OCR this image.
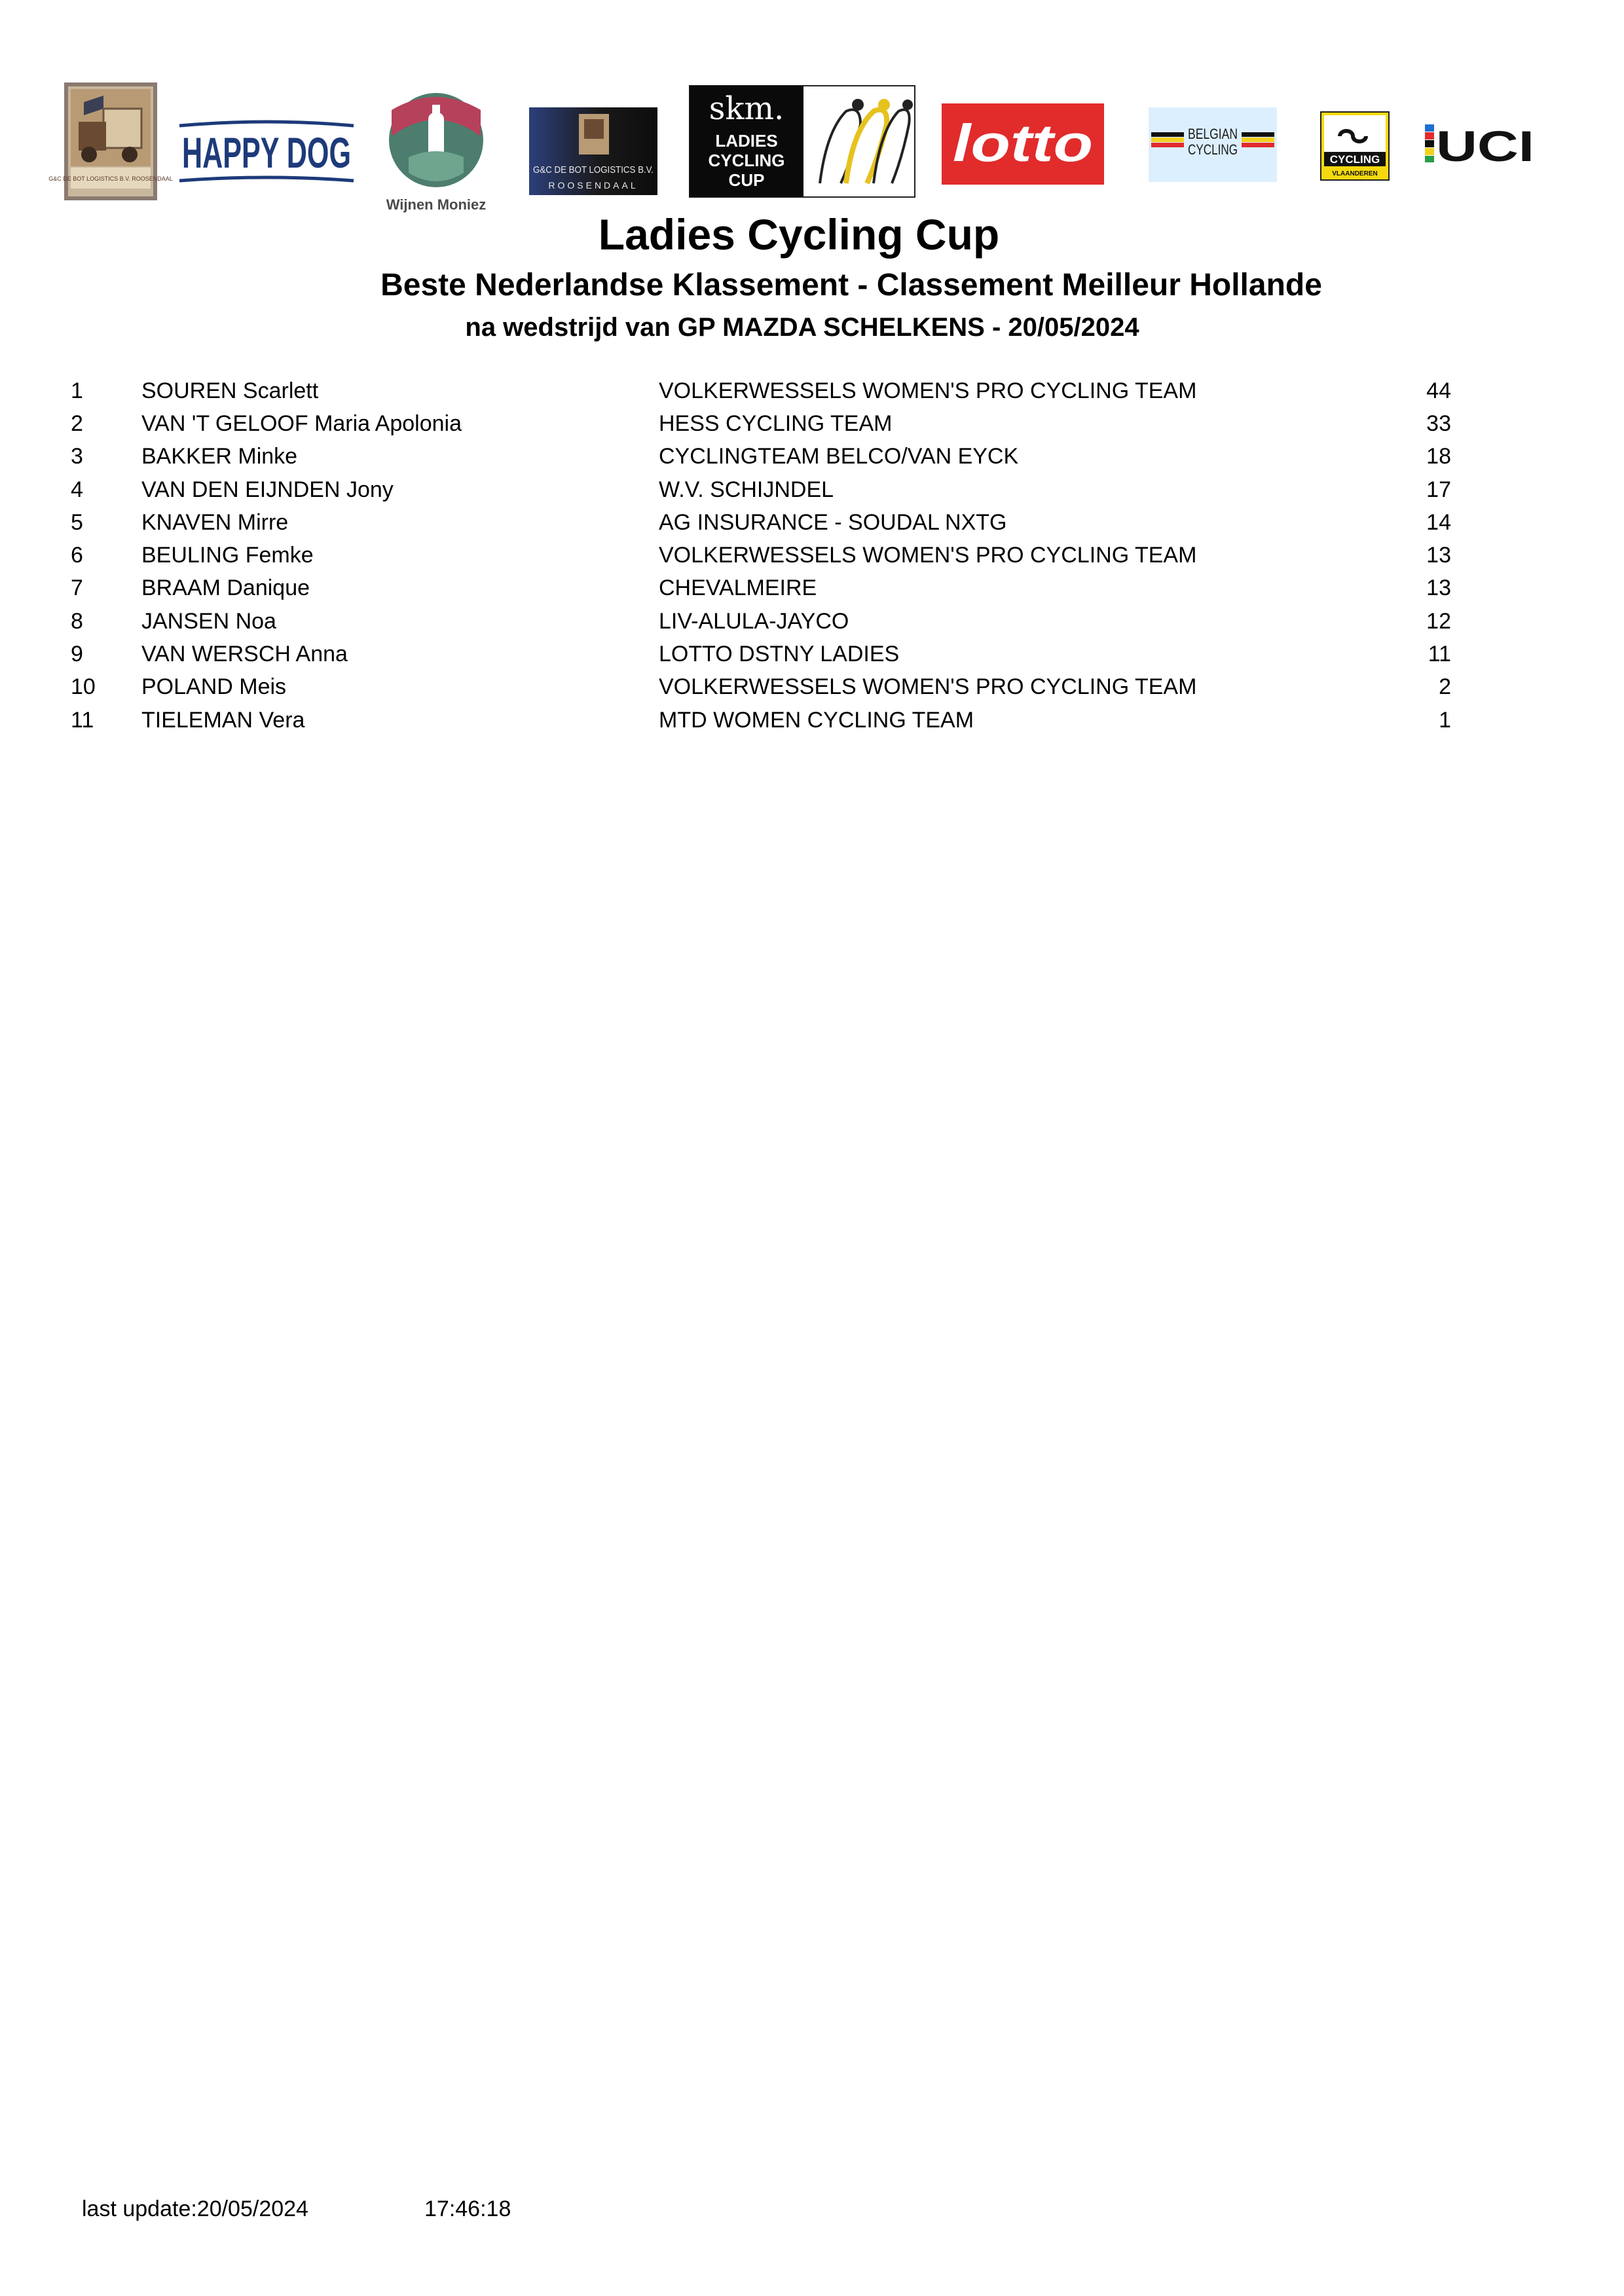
G&C DE BOT LOGISTICS B.V. ROOSENDAAL
HAPPY DOG
Wijnen Moniez
G&C DE BOT LOGISTICS B.V.
ROOSENDAAL
skm.
LADIES
CYCLING
CUP
lotto	BELGIAN
CYCLING
CYCLING
VLAANDEREN
UCI
Ladies Cycling Cup
Beste Nederlandse Klassement - Classement Meilleur Hollande
na wedstrijd van GP MAZDA SCHELKENS - 20/05/2024
1	SOUREN Scarlett	VOLKERWESSELS WOMEN'S PRO CYCLING TEAM	44
2	VAN 'T GELOOF Maria Apolonia	HESS CYCLING TEAM	33
3	BAKKER Minke	CYCLINGTEAM BELCO/VAN EYCK	18
4	VAN DEN EIJNDEN Jony	W.V. SCHIJNDEL	17
5	KNAVEN Mirre	AG INSURANCE - SOUDAL NXTG	14
6	BEULING Femke	VOLKERWESSELS WOMEN'S PRO CYCLING TEAM	13
7	BRAAM Danique	CHEVALMEIRE	13
8	JANSEN Noa	LIV-ALULA-JAYCO	12
9	VAN WERSCH Anna	LOTTO DSTNY LADIES	11
10	POLAND Meis	VOLKERWESSELS WOMEN'S PRO CYCLING TEAM	2
11	TIELEMAN Vera	MTD WOMEN CYCLING TEAM	1
last update:20/05/2024	17:46:18
